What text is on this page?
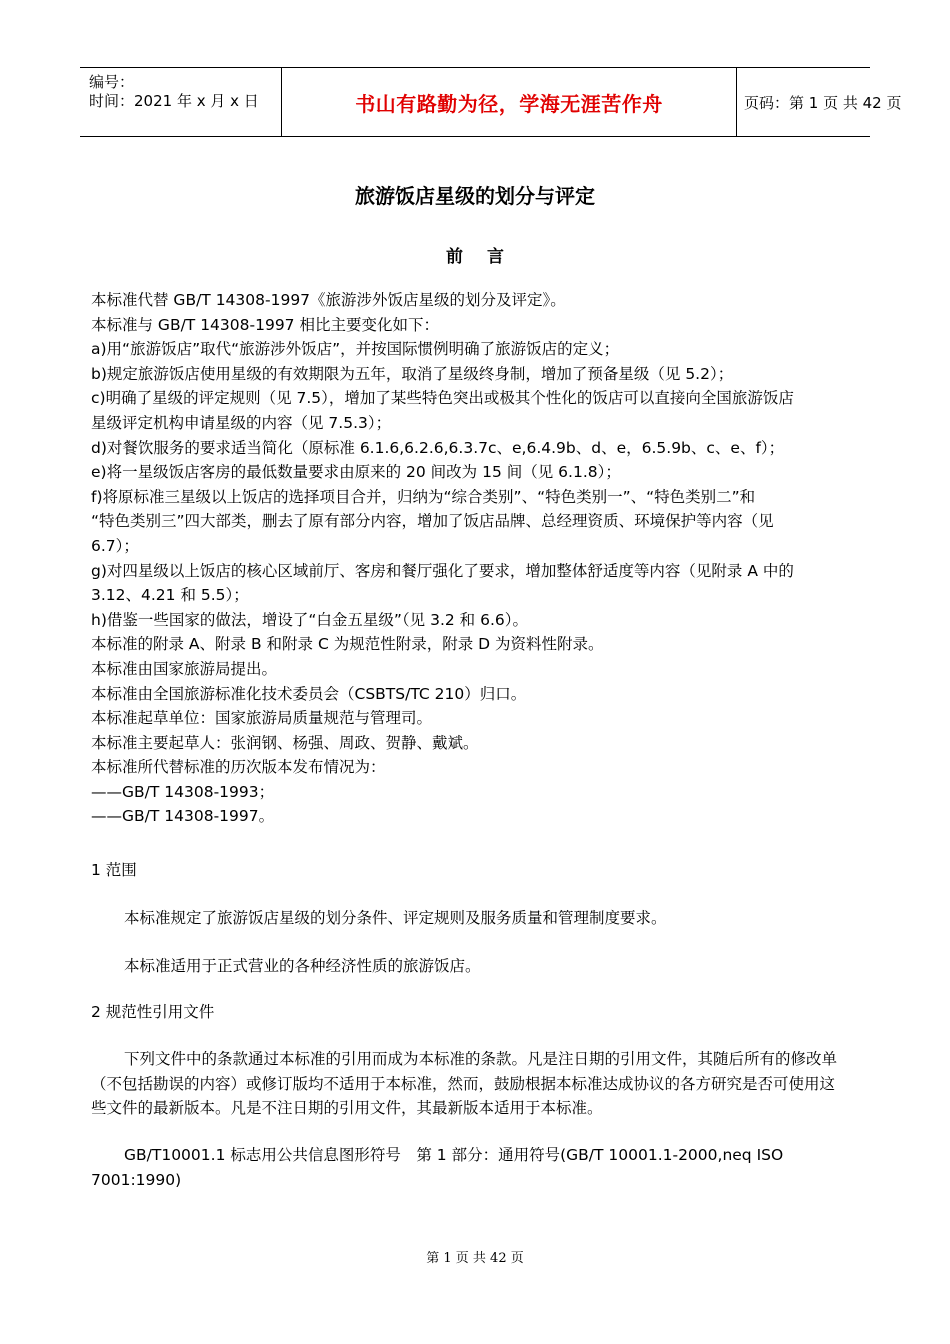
编号：
时间：2021 年 x 月 x 日	书山有路勤为径，学海无涯苦作舟	页码：第 1 页 共 42 页
旅游饭店星级的划分与评定
前言
本标准代替 GB/T 14308-1997《旅游涉外饭店星级的划分及评定》。
本标准与 GB/T 14308-1997 相比主要变化如下：
a)用“旅游饭店”取代“旅游涉外饭店”，并按国际惯例明确了旅游饭店的定义；
b)规定旅游饭店使用星级的有效期限为五年，取消了星级终身制，增加了预备星级（见 5.2）；
c)明确了星级的评定规则（见 7.5），增加了某些特色突出或极其个性化的饭店可以直接向全国旅游饭店
星级评定机构申请星级的内容（见 7.5.3）；
d)对餐饮服务的要求适当简化（原标准 6.1.6,6.2.6,6.3.7c、e,6.4.9b、d、e，6.5.9b、c、e、f）；
e)将一星级饭店客房的最低数量要求由原来的 20 间改为 15 间（见 6.1.8）；
f)将原标准三星级以上饭店的选择项目合并，归纳为“综合类别”、“特色类别一”、“特色类别二”和
“特色类别三”四大部类，删去了原有部分内容，增加了饭店品牌、总经理资质、环境保护等内容（见
6.7）；
g)对四星级以上饭店的核心区域前厅、客房和餐厅强化了要求，增加整体舒适度等内容（见附录 A 中的
3.12、4.21 和 5.5）；
h)借鉴一些国家的做法，增设了“白金五星级”（见 3.2 和 6.6）。
本标准的附录 A、附录 B 和附录 C 为规范性附录，附录 D 为资料性附录。
本标准由国家旅游局提出。
本标准由全国旅游标准化技术委员会（CSBTS/TC 210）归口。
本标准起草单位：国家旅游局质量规范与管理司。
本标准主要起草人：张润钢、杨强、周政、贺静、戴斌。
本标准所代替标准的历次版本发布情况为：
——GB/T 14308-1993；
——GB/T 14308-1997。
1 范围
本标准规定了旅游饭店星级的划分条件、评定规则及服务质量和管理制度要求。
本标准适用于正式营业的各种经济性质的旅游饭店。
2 规范性引用文件
下列文件中的条款通过本标准的引用而成为本标准的条款。凡是注日期的引用文件，其随后所有的修改单（不包括勘误的内容）或修订版均不适用于本标准，然而，鼓励根据本标准达成协议的各方研究是否可使用这些文件的最新版本。凡是不注日期的引用文件，其最新版本适用于本标准。
GB/T10001.1 标志用公共信息图形符号　第 1 部分：通用符号(GB/T 10001.1-2000,neq ISO 7001:1990)
第 1 页 共 42 页
